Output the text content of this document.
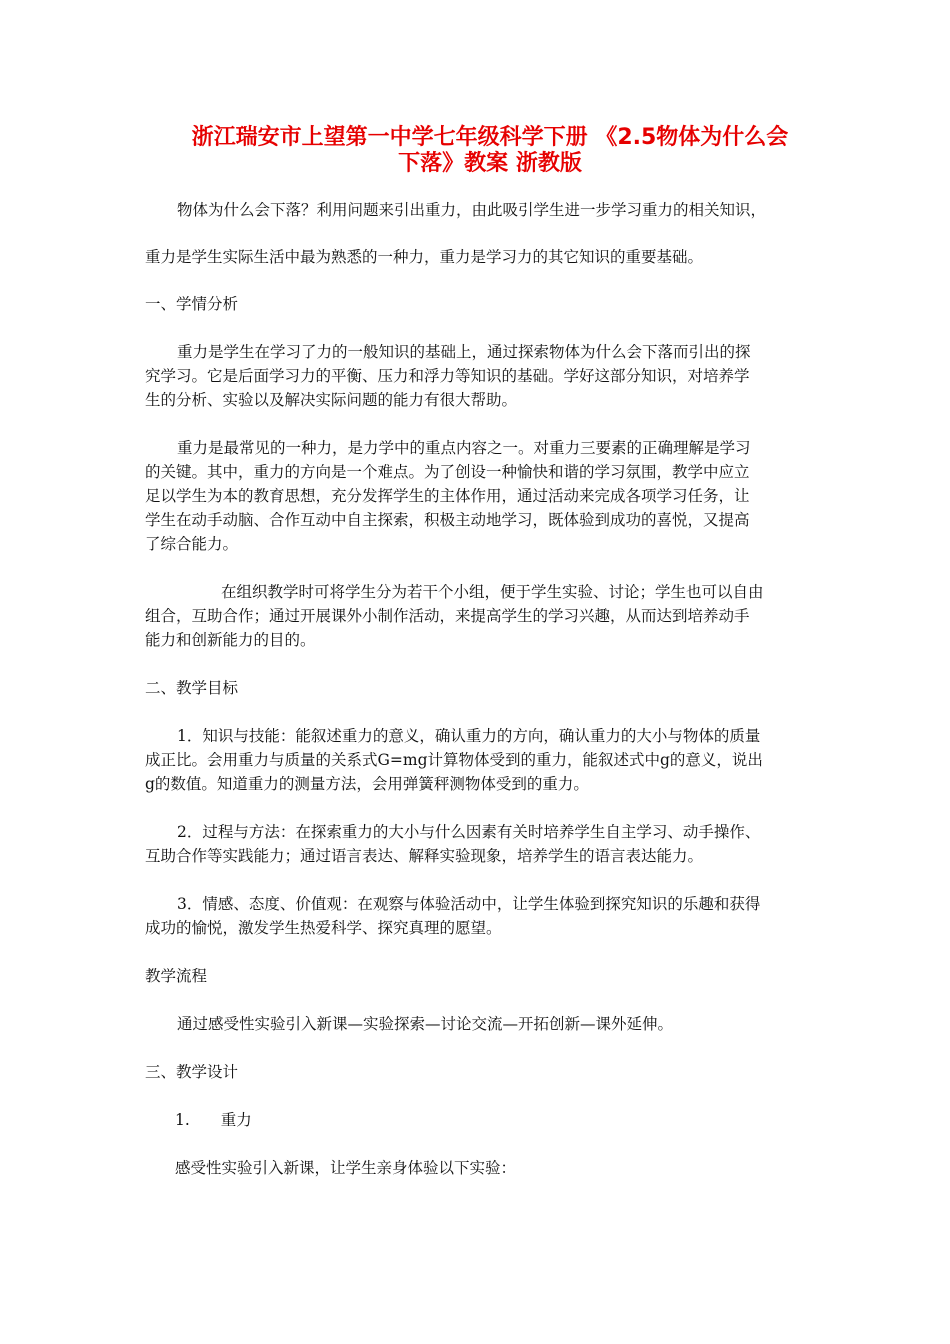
浙江瑞安市上望第一中学七年级科学下册 《2.5物体为什么会
下落》教案 浙教版
物体为什么会下落？利用问题来引出重力，由此吸引学生进一步学习重力的相关知识，
重力是学生实际生活中最为熟悉的一种力，重力是学习力的其它知识的重要基础。
一、学情分析
重力是学生在学习了力的一般知识的基础上，通过探索物体为什么会下落而引出的探
究学习。它是后面学习力的平衡、压力和浮力等知识的基础。学好这部分知识，对培养学
生的分析、实验以及解决实际问题的能力有很大帮助。
重力是最常见的一种力，是力学中的重点内容之一。对重力三要素的正确理解是学习
的关键。其中，重力的方向是一个难点。为了创设一种愉快和谐的学习氛围，教学中应立
足以学生为本的教育思想，充分发挥学生的主体作用，通过活动来完成各项学习任务，让
学生在动手动脑、合作互动中自主探索，积极主动地学习，既体验到成功的喜悦，又提高
了综合能力。
在组织教学时可将学生分为若干个小组，便于学生实验、讨论；学生也可以自由
组合，互助合作；通过开展课外小制作活动，来提高学生的学习兴趣，从而达到培养动手
能力和创新能力的目的。
二、教学目标
1．知识与技能：能叙述重力的意义，确认重力的方向，确认重力的大小与物体的质量
成正比。会用重力与质量的关系式G=mg计算物体受到的重力，能叙述式中g的意义，说出
g的数值。知道重力的测量方法，会用弹簧秤测物体受到的重力。
2．过程与方法：在探索重力的大小与什么因素有关时培养学生自主学习、动手操作、
互助合作等实践能力；通过语言表达、解释实验现象，培养学生的语言表达能力。
3．情感、态度、价值观：在观察与体验活动中，让学生体验到探究知识的乐趣和获得
成功的愉悦，激发学生热爱科学、探究真理的愿望。
教学流程
通过感受性实验引入新课—实验探索—讨论交流—开拓创新—课外延伸。
三、教学设计
1.　　重力
感受性实验引入新课，让学生亲身体验以下实验：
